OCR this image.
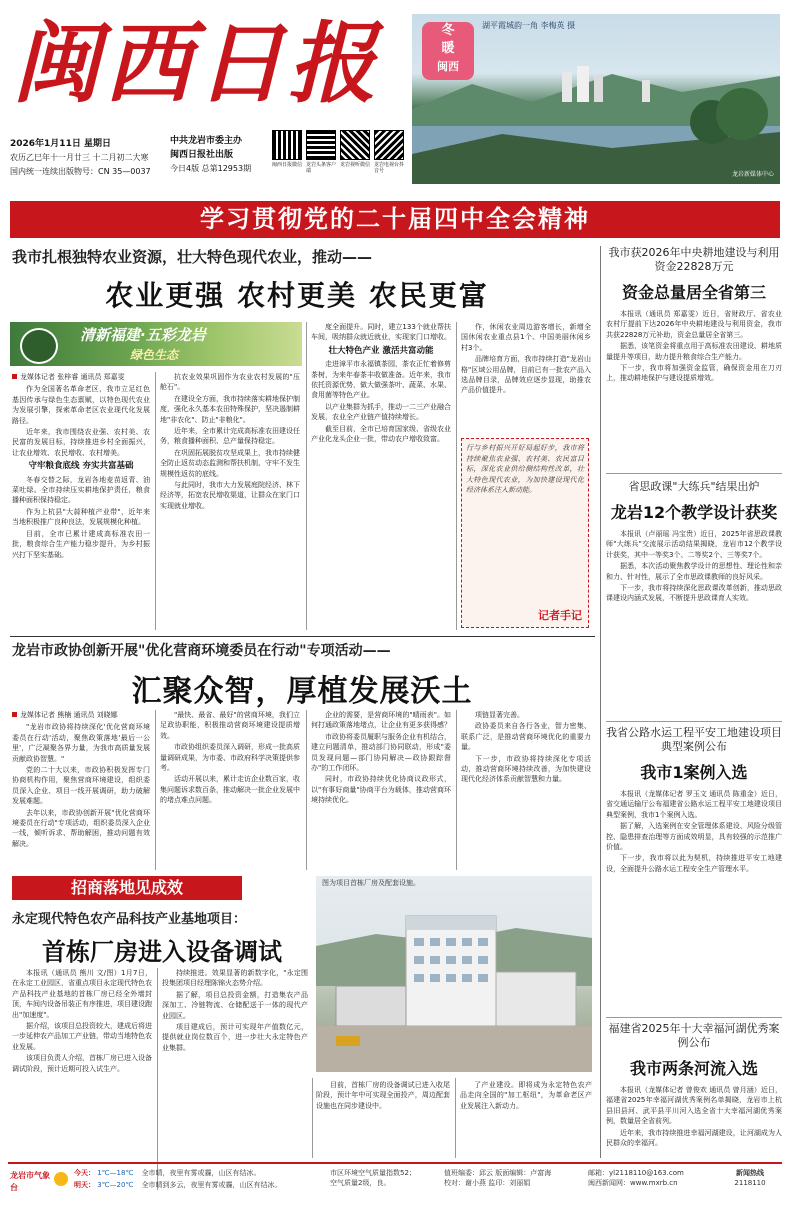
闽西日报
2026年1月11日 星期日
农历乙巳年十一月廿三 十二月初二大寒
国内统一连续出版物号：CN 35—0037
中共龙岩市委主办
闽西日报社出版
今日4版 总第12953期	闽西日报微信 龙岩头条客户端
龙岩视听微信 龙岩电视台抖音号
湖平霞城韵一角 李梅英 摄
冬
暖
闽西
龙岩新媒体中心
学习贯彻党的二十届四中全会精神
我市扎根独特农业资源，壮大特色现代农业，推动——
农业更强 农村更美 农民更富
清新福建·五彩龙岩
绿色生态

龙媒体记者 张梓睿 通讯员 郑嘉雯

作为全国著名革命老区，我市立足红色基因传承与绿色生态禀赋，以特色现代农业为发展引擎，探索革命老区农业现代化发展路径。

近年来，我市围绕农业强、农村美、农民富的发展目标，持续推进乡村全面振兴，让农业增效、农民增收、农村增美。

守牢粮食底线 夯实共富基础

冬春交替之际，龙岩各地麦苗返青、油菜吐绿。全市持续压实耕地保护责任，粮食播种面积保持稳定。

作为上杭县"大蒜种植产业带"，近年来当地积极推广良种良法，发展规模化种植。

目前，全市已累计建成高标准农田一批，粮食综合生产能力稳步提升，为乡村振兴打下坚实基础。

抗农业效果巩固作为农业农村发展的"压舱石"。

在建设全方面，我市持续落实耕地保护制度，强化永久基本农田特殊保护，坚决遏制耕地"非农化"、防止"非粮化"。

近年来，全市累计完成高标准农田建设任务，粮食播种面积、总产量保持稳定。

在巩固拓展脱贫攻坚成果上，我市持续健全防止返贫动态监测和帮扶机制，守牢不发生规模性返贫的底线。

与此同时，我市大力发展庭院经济、林下经济等，拓宽农民增收渠道，让群众在家门口实现就业增收。

度全面提升。同时，建立133个就业帮扶车间，吸纳群众就近就业，实现家门口增收。

壮大特色产业 激活共富动能

走进漳平市永福镇茶园，茶农正忙着修剪茶树，为来年春茶丰收做准备。近年来，我市依托资源优势，做大做强茶叶、蔬菜、水果、食用菌等特色产业。

以产业集群为抓手，推动一二三产业融合发展，农业全产业链产值持续增长。

截至目前，全市已培育国家级、省级农业产业化龙头企业一批，带动农户增收致富。

作，休闲农业周边游客增长，新增全国休闲农业重点县1个、中国美丽休闲乡村3个。

品牌培育方面，我市持续打造"龙岩山格"区域公用品牌，目前已有一批农产品入选品牌目录，品牌效应逐步显现，助推农产品价值提升。

行与乡村振兴开好局起好步，我市将持续聚焦农业强、农村美、农民富目标，深化农业供给侧结构性改革，壮大特色现代农业，为加快建设现代化经济体系注入新动能。
记者手记
龙岩市政协创新开展"优化营商环境委员在行动"专项活动——
汇聚众智，厚植发展沃土

龙媒体记者 熊楠 通讯员 刘晓娜

"龙岩市政协将持续深化'优化营商环境委员在行动'活动，聚焦政策落地'最后一公里'，广泛凝聚各界力量，为我市高质量发展贡献政协智慧。"

党的二十大以来，市政协积极发挥专门协商机构作用，聚焦营商环境建设，组织委员深入企业、项目一线开展调研，助力破解发展难题。

去年以来，市政协创新开展"优化营商环境委员在行动"专项活动，组织委员深入企业一线，倾听诉求、帮助解困，推动问题有效解决。

"最快、最省、最好"的营商环境，我们立足政协职能，积极推动营商环境建设提质增效。

市政协组织委员深入调研，形成一批高质量调研成果，为市委、市政府科学决策提供参考。

活动开展以来，累计走访企业数百家，收集问题诉求数百条，推动解决一批企业发展中的堵点难点问题。

企业的需要，是营商环境的"晴雨表"。如何打通政策落地堵点，让企业有更多获得感？

市政协将委员履职与服务企业有机结合，建立问题清单，推动部门协同联动，形成"委员发现问题—部门协同解决—政协跟踪督办"的工作闭环。

同时，市政协持续优化协商议政形式，以"有事好商量"协商平台为载体，推动营商环境持续优化。

项链显著完善。

政协委员来自各行各业，智力密集、联系广泛，是推动营商环境优化的重要力量。

下一步，市政协将持续深化专项活动，推动营商环境持续改善，为加快建设现代化经济体系贡献智慧和力量。

招商落地见成效
永定现代特色农产品科技产业基地项目：
首栋厂房进入设备调试
图为项目首栋厂房及配套设施。

本报讯（通讯员 熊川 文/图）1月7日，在永定工业园区，省重点项目永定现代特色农产品科技产业基地的首栋厂房已经全外墙封顶，车间内设备吊装正有序推进，项目建设跑出"加速度"。

据介绍，该项目总投资较大，建成后将进一步延伸农产品加工产业链，带动当地特色农业发展。

该项目负责人介绍，首栋厂房已进入设备调试阶段，预计近期可投入试生产。

持续推进。效果显著的新数字化，"永定围投集团项目经理陈锦火态势介绍。

据了解，项目总投资金额，打造集农产品深加工、冷链物流、仓储配送于一体的现代产业园区。

项目建成后，预计可实现年产值数亿元，提供就业岗位数百个，进一步壮大永定特色产业集群。

目前，首栋厂房的设备调试已进入收尾阶段，预计年中可实现全面投产，周边配套设施也在同步建设中。

了产业建设。即将成为永定特色农产品走向全国的"加工枢纽"，为革命老区产业发展注入新动力。

我市获2026年中央耕地建设与利用资金22828万元
资金总量居全省第三

本报讯（通讯员 郑嘉雯）近日，省财政厅、省农业农村厅提前下达2026年中央耕地建设与利用资金，我市共获22828万元补助，资金总量居全省第三。

据悉，该笔资金将重点用于高标准农田建设、耕地质量提升等项目，助力提升粮食综合生产能力。

下一步，我市将加强资金监管，确保资金用在刀刃上，推动耕地保护与建设提质增效。

省思政课"大练兵"结果出炉
龙岩12个教学设计获奖

本报讯（卢丽瑶 冯宝贵）近日，2025年省思政课教师"大练兵"交流展示活动结果揭晓，龙岩市12个教学设计获奖，其中一等奖3个、二等奖2个、三等奖7个。

据悉，本次活动聚焦教学设计的思想性、理论性和亲和力、针对性，展示了全市思政课教师的良好风采。

下一步，我市将持续深化思政课改革创新，推动思政课建设内涵式发展，不断提升思政课育人实效。

我省公路水运工程平安工地建设项目典型案例公布
我市1案例入选

本报讯（龙媒体记者 罗玉文 通讯员 陈重金）近日，省交通运输厅公布福建省公路水运工程平安工地建设项目典型案例，我市1个案例入选。

据了解，入选案例在安全管理体系建设、风险分级管控、隐患排查治理等方面成效明显，具有较强的示范推广价值。

下一步，我市将以此为契机，持续推进平安工地建设，全面提升公路水运工程安全生产管理水平。

福建省2025年十大幸福河湖优秀案例公布
我市两条河流入选

本报讯（龙媒体记者 曾俊欢 通讯员 曾月涵）近日，福建省2025年幸福河湖优秀案例名单揭晓，龙岩市上杭县旧县河、武平县平川河入选全省十大幸福河湖优秀案例，数量居全省前列。

近年来，我市持续推进幸福河湖建设，让河湖成为人民群众的幸福河。

龙岩市气象台
今天： 1℃—18℃ 全市晴，夜里有雾或霾，山区有结冰。
明天： 3℃—20℃ 全市晴到多云，夜里有雾或霾，山区有结冰。
市区环境空气质量指数52；
空气质量2级，良。
值班编委：邱云 版面编辑：卢富海
校对：谢小燕 监印：刘丽娟
邮箱：yl2118110@163.com
闽西新闻网：www.mxrb.cn
新闻热线
2118110
